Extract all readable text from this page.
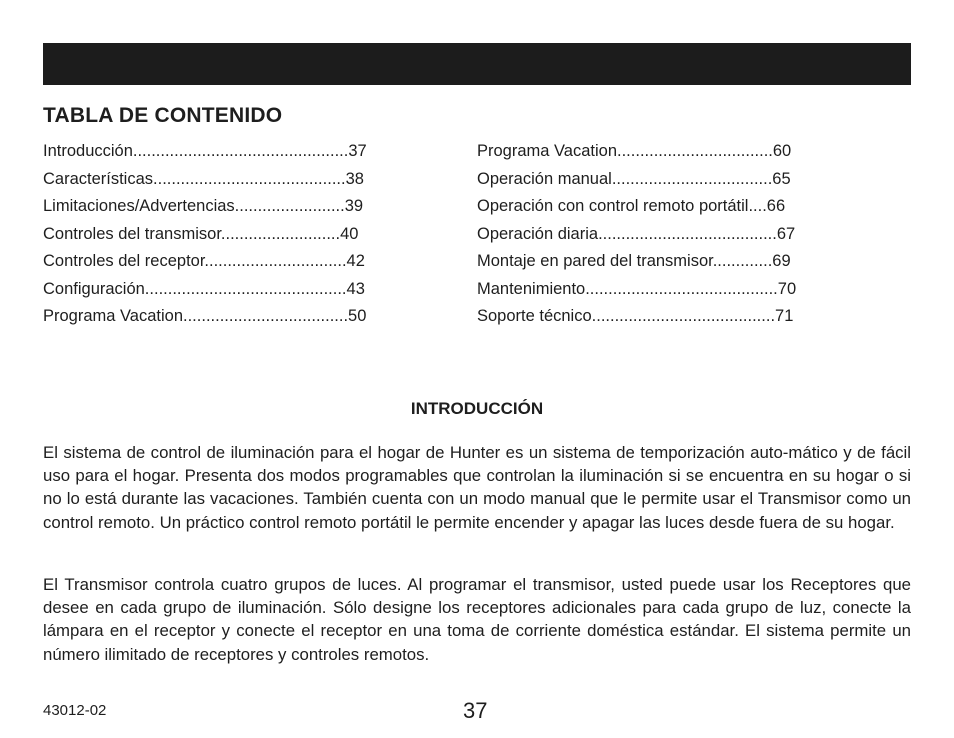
TABLA DE CONTENIDO
Introducción...............................................37
Características..........................................38
Limitaciones/Advertencias........................39
Controles del transmisor..........................40
Controles del receptor...............................42
Configuración............................................43
Programa Vacation....................................50
Programa Vacation..................................60
Operación manual...................................65
Operación con control remoto portátil....66
Operación diaria.......................................67
Montaje en pared del transmisor.............69
Mantenimiento..........................................70
Soporte técnico........................................71
INTRODUCCIÓN

El sistema de control de iluminación para el hogar de Hunter es un sistema de temporización auto-mático y de fácil uso para el hogar. Presenta dos modos programables que controlan la iluminación si se encuentra en su hogar o si no lo está durante las vacaciones. También cuenta con un modo manual que le permite usar el Transmisor como un control remoto. Un práctico control remoto portátil le permite encender y apagar las luces desde fuera de su hogar.

El Transmisor controla cuatro grupos de luces. Al programar el transmisor, usted puede usar los Receptores que desee en cada grupo de iluminación. Sólo designe los receptores adicionales para cada grupo de luz, conecte la lámpara en el receptor y conecte el receptor en una toma de corriente doméstica estándar. El sistema permite un número ilimitado de receptores y controles remotos.

43012-02	37
